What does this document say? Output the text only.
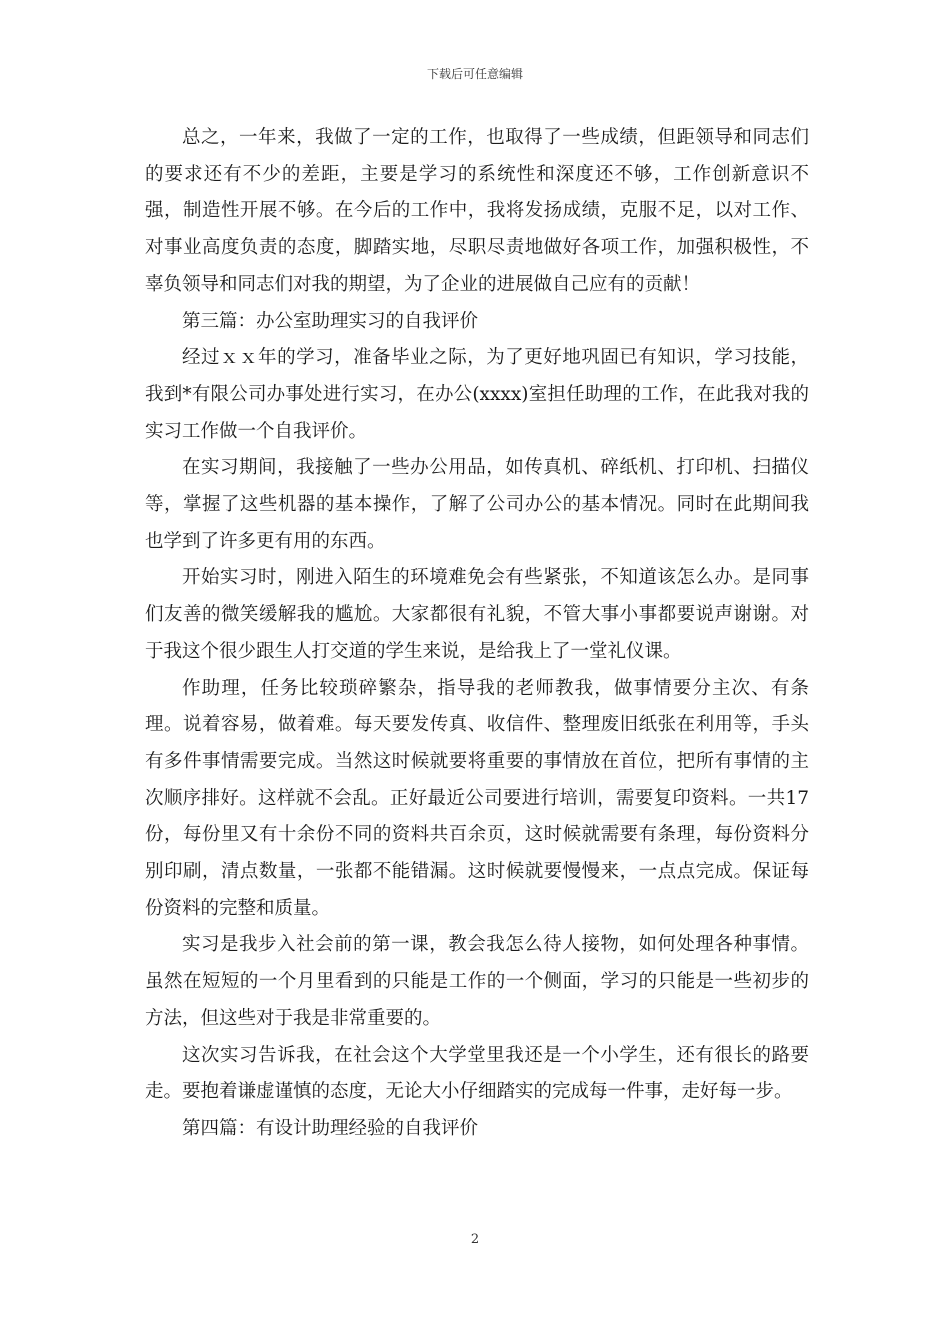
下载后可任意编辑

总之，一年来，我做了一定的工作，也取得了一些成绩，但距领导和同志们的要求还有不少的差距，主要是学习的系统性和深度还不够，工作创新意识不强，制造性开展不够。在今后的工作中，我将发扬成绩，克服不足，以对工作、对事业高度负责的态度，脚踏实地，尽职尽责地做好各项工作，加强积极性，不辜负领导和同志们对我的期望，为了企业的进展做自己应有的贡献！

第三篇：办公室助理实习的自我评价

经过ｘｘ年的学习，准备毕业之际，为了更好地巩固已有知识，学习技能，我到*有限公司办事处进行实习，在办公(xxxx)室担任助理的工作，在此我对我的实习工作做一个自我评价。

在实习期间，我接触了一些办公用品，如传真机、碎纸机、打印机、扫描仪等，掌握了这些机器的基本操作，了解了公司办公的基本情况。同时在此期间我也学到了许多更有用的东西。

开始实习时，刚进入陌生的环境难免会有些紧张，不知道该怎么办。是同事们友善的微笑缓解我的尴尬。大家都很有礼貌，不管大事小事都要说声谢谢。对于我这个很少跟生人打交道的学生来说，是给我上了一堂礼仪课。

作助理，任务比较琐碎繁杂，指导我的老师教我，做事情要分主次、有条理。说着容易，做着难。每天要发传真、收信件、整理废旧纸张在利用等，手头有多件事情需要完成。当然这时候就要将重要的事情放在首位，把所有事情的主次顺序排好。这样就不会乱。正好最近公司要进行培训，需要复印资料。一共17份，每份里又有十余份不同的资料共百余页，这时候就需要有条理，每份资料分别印刷，清点数量，一张都不能错漏。这时候就要慢慢来，一点点完成。保证每份资料的完整和质量。

实习是我步入社会前的第一课，教会我怎么待人接物，如何处理各种事情。虽然在短短的一个月里看到的只能是工作的一个侧面，学习的只能是一些初步的方法，但这些对于我是非常重要的。

这次实习告诉我，在社会这个大学堂里我还是一个小学生，还有很长的路要走。要抱着谦虚谨慎的态度，无论大小仔细踏实的完成每一件事，走好每一步。

第四篇：有设计助理经验的自我评价

2
